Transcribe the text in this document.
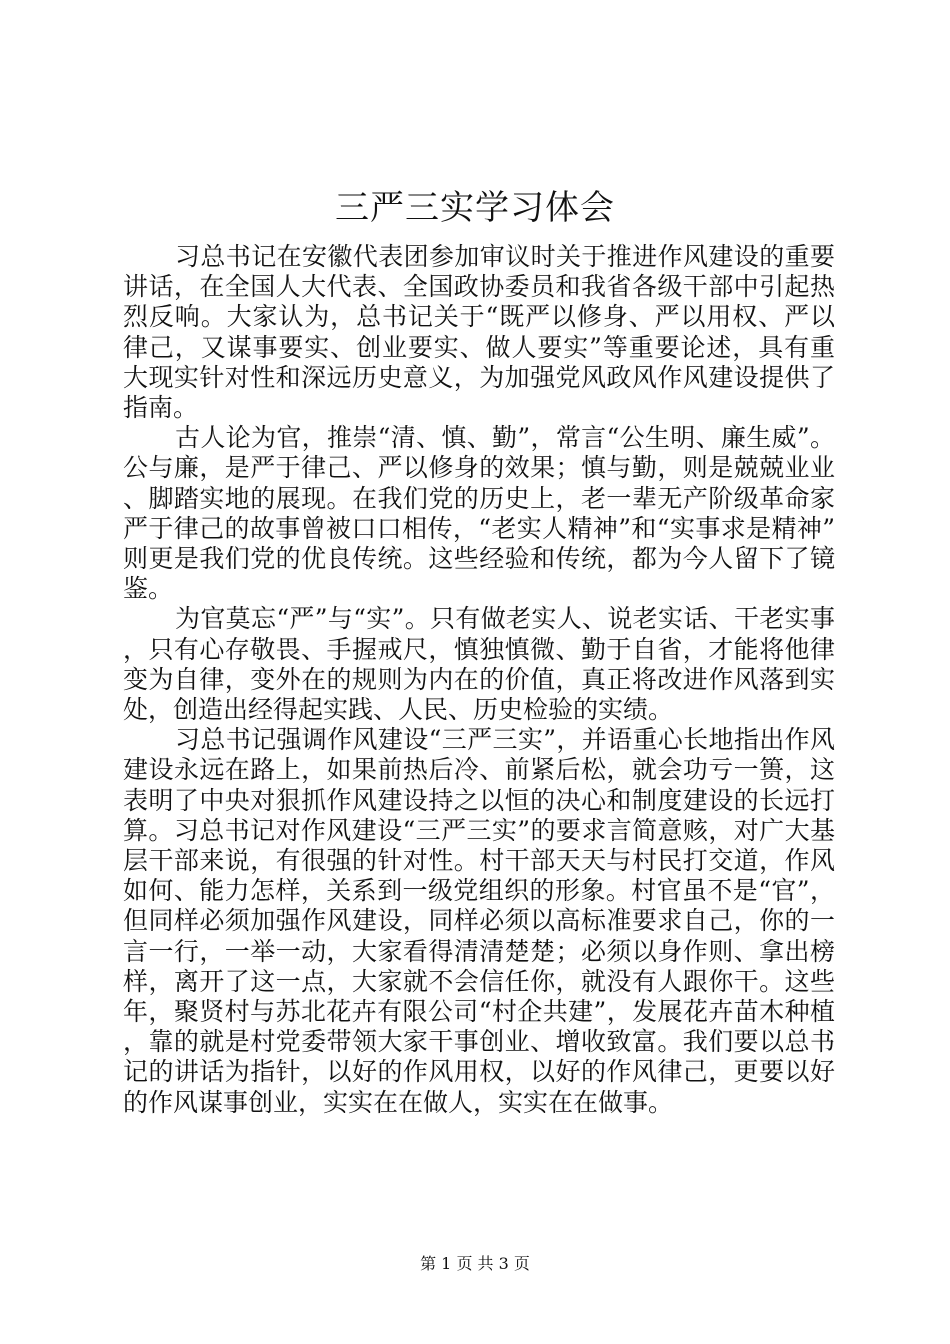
三严三实学习体会

习总书记在安徽代表团参加审议时关于推进作风建设的重要讲话，在全国人大代表、全国政协委员和我省各级干部中引起热烈反响。大家认为，总书记关于“既严以修身、严以用权、严以律己，又谋事要实、创业要实、做人要实”等重要论述，具有重大现实针对性和深远历史意义，为加强党风政风作风建设提供了指南。

古人论为官，推崇“清、慎、勤”，常言“公生明、廉生威”。公与廉，是严于律己、严以修身的效果；慎与勤，则是兢兢业业、脚踏实地的展现。在我们党的历史上，老一辈无产阶级革命家严于律己的故事曾被口口相传，“老实人精神”和“实事求是精神”则更是我们党的优良传统。这些经验和传统，都为今人留下了镜鉴。

为官莫忘“严”与“实”。只有做老实人、说老实话、干老实事，只有心存敬畏、手握戒尺，慎独慎微、勤于自省，才能将他律变为自律，变外在的规则为内在的价值，真正将改进作风落到实处，创造出经得起实践、人民、历史检验的实绩。

习总书记强调作风建设“三严三实”，并语重心长地指出作风建设永远在路上，如果前热后冷、前紧后松，就会功亏一篑，这表明了中央对狠抓作风建设持之以恒的决心和制度建设的长远打算。习总书记对作风建设“三严三实”的要求言简意赅，对广大基层干部来说，有很强的针对性。村干部天天与村民打交道，作风如何、能力怎样，关系到一级党组织的形象。村官虽不是“官”，但同样必须加强作风建设，同样必须以高标准要求自己，你的一言一行，一举一动，大家看得清清楚楚；必须以身作则、拿出榜样，离开了这一点，大家就不会信任你，就没有人跟你干。这些年，聚贤村与苏北花卉有限公司“村企共建”，发展花卉苗木种植，靠的就是村党委带领大家干事创业、增收致富。我们要以总书记的讲话为指针，以好的作风用权，以好的作风律己，更要以好的作风谋事创业，实实在在做人，实实在在做事。

第 1 页 共 3 页
